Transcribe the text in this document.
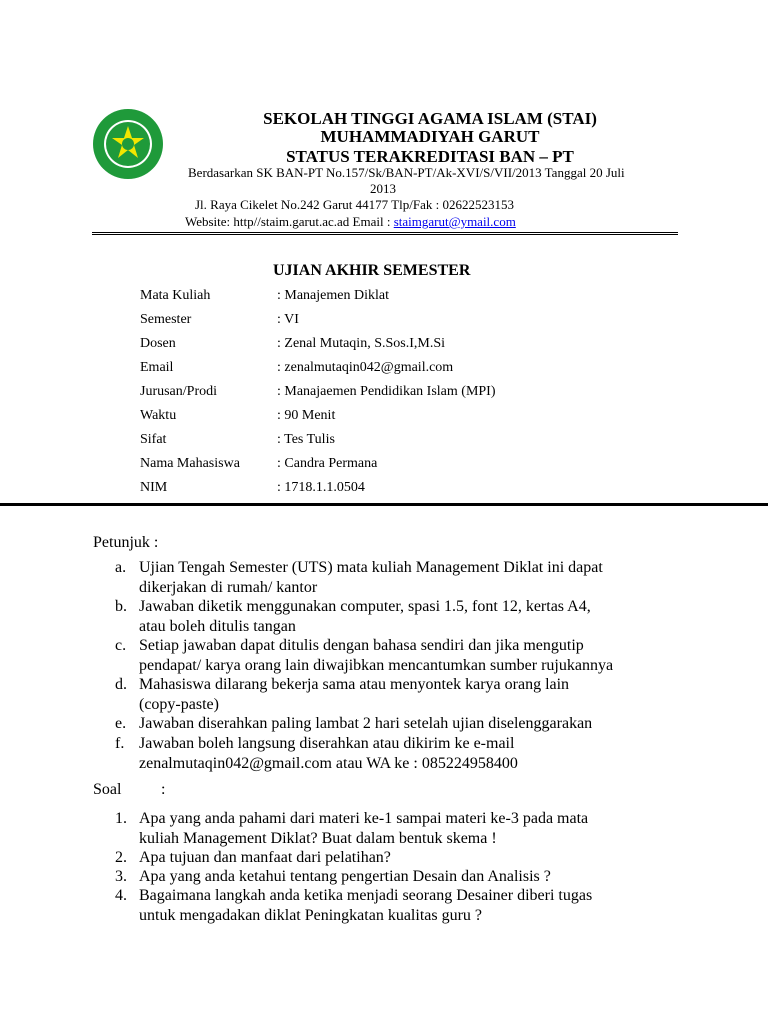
SEKOLAH TINGGI AGAMA ISLAM (STAI)
MUHAMMADIYAH GARUT
STATUS TERAKREDITASI BAN – PT
Berdasarkan SK BAN-PT No.157/Sk/BAN-PT/Ak-XVI/S/VII/2013 Tanggal 20 Juli
2013
Jl. Raya Cikelet No.242 Garut 44177 Tlp/Fak : 02622523153
Website: http//staim.garut.ac.ad Email : staimgarut@ymail.com
UJIAN AKHIR SEMESTER
Mata Kuliah	: Manajemen Diklat
Semester	: VI
Dosen	: Zenal Mutaqin, S.Sos.I,M.Si
Email	: zenalmutaqin042@gmail.com
Jurusan/Prodi	: Manajaemen Pendidikan Islam (MPI)
Waktu	: 90 Menit
Sifat	: Tes Tulis
Nama Mahasiswa	: Candra Permana
NIM	: 1718.1.1.0504
Petunjuk :
a. Ujian Tengah Semester (UTS) mata kuliah Management Diklat ini dapat
dikerjakan di rumah/ kantor
b. Jawaban diketik menggunakan computer, spasi 1.5, font 12, kertas A4,
atau boleh ditulis tangan
c. Setiap jawaban dapat ditulis dengan bahasa sendiri dan jika mengutip
pendapat/ karya orang lain diwajibkan mencantumkan sumber rujukannya
d. Mahasiswa dilarang bekerja sama atau menyontek karya orang lain
(copy-paste)
e. Jawaban diserahkan paling lambat 2 hari setelah ujian diselenggarakan
f. Jawaban boleh langsung diserahkan atau dikirim ke e-mail
zenalmutaqin042@gmail.com atau WA ke : 085224958400
Soal :
1. Apa yang anda pahami dari materi ke-1 sampai materi ke-3 pada mata
kuliah Management Diklat? Buat dalam bentuk skema !
2. Apa tujuan dan manfaat dari pelatihan?
3. Apa yang anda ketahui tentang pengertian Desain dan Analisis ?
4. Bagaimana langkah anda ketika menjadi seorang Desainer diberi tugas
untuk mengadakan diklat Peningkatan kualitas guru ?
